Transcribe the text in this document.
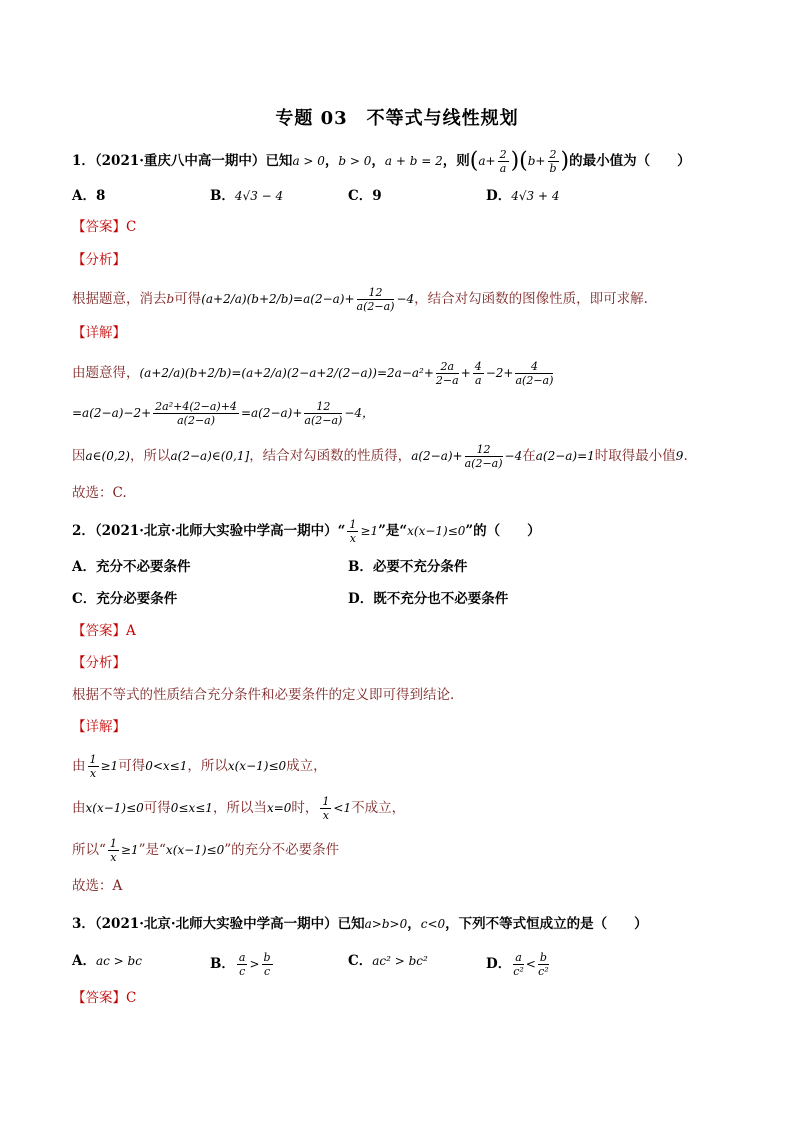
专题 03　不等式与线性规划
1．（2021·重庆八中高一期中）已知a > 0，b > 0，a + b = 2，则$(a+ \frac{2}{a} )(b+ \frac{2}{b}$ )的最小值为（　　）
A．8	B．4√3 − 4	C．9	D．4√3 + 4
【答案】C
【分析】
根据题意，消去b可得$(a+2/a)(b+2/b)=a(2-a)+ \frac{12}{a(2-a)} -4$，结合对勾函数的图像性质，即可求解.
【详解】
由题意得，$(a+2/a)(b+2/b)=(a+2/a)(2-a+2/(2-a))=2a-a^2+ \frac{2a}{2-a} + \frac{4}{a} -2+ \frac{4}{a(2-a)}$
$=a(2-a)-2+ \frac{\text{2a²+4(2−a)+4}}{a(2-a)} =a(2-a)+ \frac{12}{a(2-a)} -4$，
因a∈(0,2)，所以a(2−a)∈(0,1]，结合对勾函数的性质得，$a(2-a)+ \frac{12}{a(2-a)} -4$在a(2−a)=1时取得最小值9.
故选：C.
2．（2021·北京·北师大实验中学高一期中）“ $\frac{1}{x} \ge 1$”是“x(x−1)≤0”的（　　）
A．充分不必要条件	B．必要不充分条件
C．充分必要条件	D．既不充分也不必要条件
【答案】A
【分析】
根据不等式的性质结合充分条件和必要条件的定义即可得到结论．
【详解】
由 $\frac{1}{x} \ge 1$可得0<x≤1，所以x(x−1)≤0成立，
由x(x−1)≤0可得0≤x≤1，所以当x=0时， $\frac{1}{x} <1$不成立，
所以“ $\frac{1}{x} \ge 1$”是“x(x−1)≤0”的充分不必要条件
故选：A
3．（2021·北京·北师大实验中学高一期中）已知a>b>0，c<0，下列不等式恒成立的是（　　）
A．ac > bc	B． $\frac{a}{c} > \frac{b}{c}$	C．ac² > bc²	D． $\frac{a}{\text{c²}} < \frac{b}{\text{c²}}$
【答案】C
